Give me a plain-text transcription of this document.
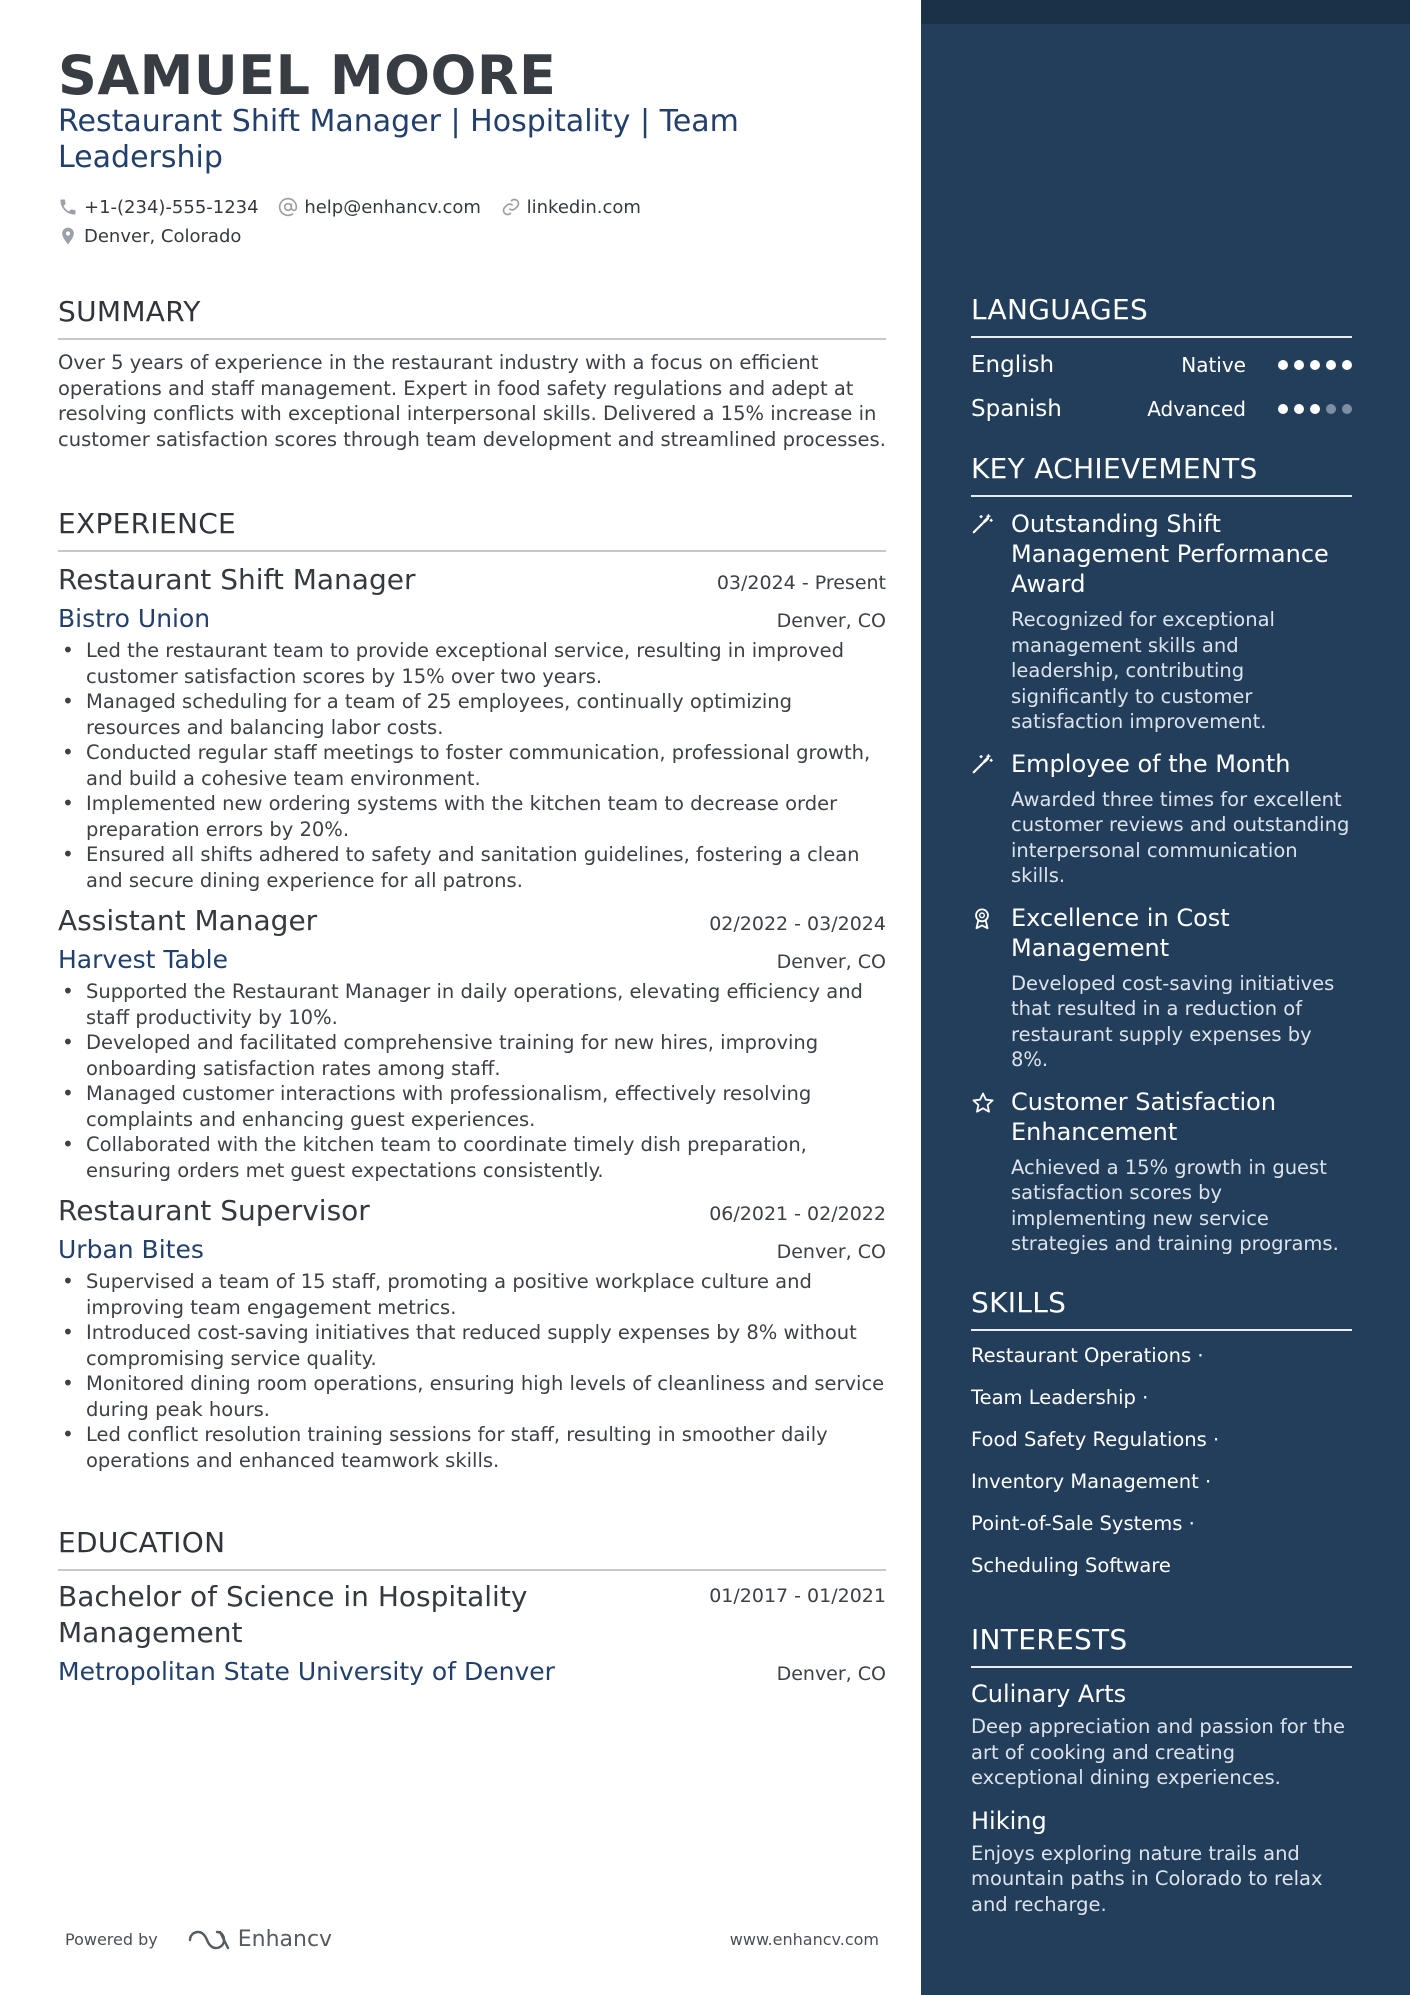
SAMUEL MOORE
Restaurant Shift Manager | Hospitality | Team Leadership
+1-(234)-555-1234
	help@enhancv.com
	linkedin.com
Denver, Colorado
SUMMARY

Over 5 years of experience in the restaurant industry with a focus on efficient operations and staff management. Expert in food safety regulations and adept at resolving conflicts with exceptional interpersonal skills. Delivered a 15% increase in customer satisfaction scores through team development and streamlined processes.

EXPERIENCE
Restaurant Shift Manager	03/2024 - Present
Bistro Union	Denver, CO
• Led the restaurant team to provide exceptional service, resulting in improved customer satisfaction scores by 15% over two years.
• Managed scheduling for a team of 25 employees, continually optimizing resources and balancing labor costs.
• Conducted regular staff meetings to foster communication, professional growth, and build a cohesive team environment.
• Implemented new ordering systems with the kitchen team to decrease order preparation errors by 20%.
• Ensured all shifts adhered to safety and sanitation guidelines, fostering a clean and secure dining experience for all patrons.
Assistant Manager	02/2022 - 03/2024
Harvest Table	Denver, CO
• Supported the Restaurant Manager in daily operations, elevating efficiency and staff productivity by 10%.
• Developed and facilitated comprehensive training for new hires, improving onboarding satisfaction rates among staff.
• Managed customer interactions with professionalism, effectively resolving complaints and enhancing guest experiences.
• Collaborated with the kitchen team to coordinate timely dish preparation, ensuring orders met guest expectations consistently.
Restaurant Supervisor	06/2021 - 02/2022
Urban Bites	Denver, CO
• Supervised a team of 15 staff, promoting a positive workplace culture and improving team engagement metrics.
• Introduced cost-saving initiatives that reduced supply expenses by 8% without compromising service quality.
• Monitored dining room operations, ensuring high levels of cleanliness and service during peak hours.
• Led conflict resolution training sessions for staff, resulting in smoother daily operations and enhanced teamwork skills.
EDUCATION
Bachelor of Science in Hospitality Management
01/2017 - 01/2021
Metropolitan State University of Denver	Denver, CO
Powered by	Enhancv	www.enhancv.com
LANGUAGES
English	Native
Spanish	Advanced
KEY ACHIEVEMENTS
Outstanding Shift Management Performance Award
Recognized for exceptional management skills and leadership, contributing significantly to customer satisfaction improvement.
Employee of the Month
Awarded three times for excellent customer reviews and outstanding interpersonal communication skills.
Excellence in Cost Management
Developed cost-saving initiatives that resulted in a reduction of restaurant supply expenses by 8%.
Customer Satisfaction Enhancement
Achieved a 15% growth in guest satisfaction scores by implementing new service strategies and training programs.
SKILLS
Restaurant Operations ·
Team Leadership ·
Food Safety Regulations ·
Inventory Management ·
Point-of-Sale Systems ·
Scheduling Software
INTERESTS
Culinary Arts
Deep appreciation and passion for the art of cooking and creating exceptional dining experiences.
Hiking
Enjoys exploring nature trails and mountain paths in Colorado to relax and recharge.
